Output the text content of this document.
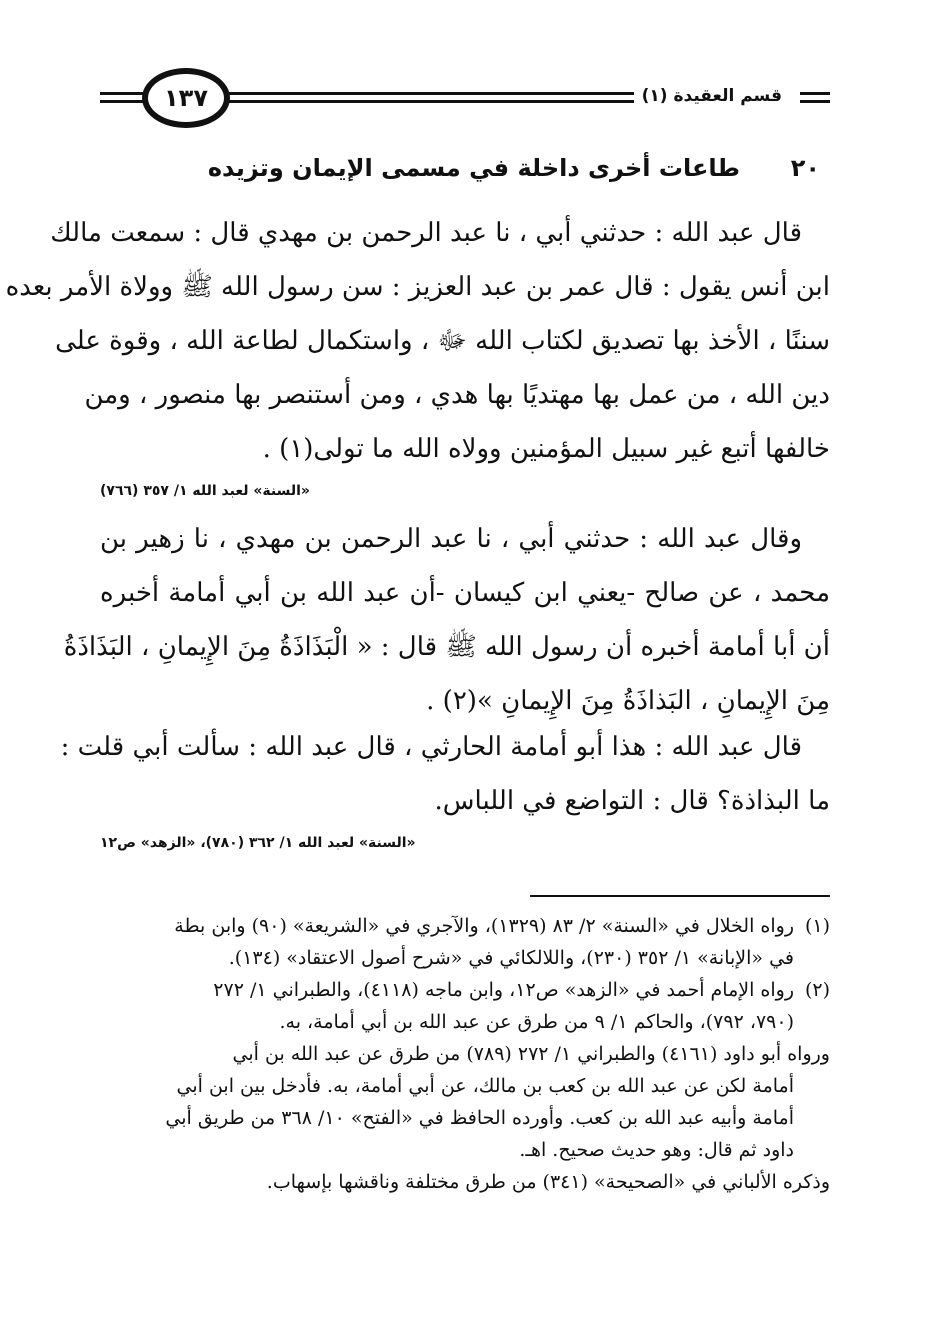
١٣٧	قسم العقيدة (١)
٢٠
طاعات أخرى داخلة في مسمى الإيمان وتزيده
قال عبد الله : حدثني أبي ، نا عبد الرحمن بن مهدي قال : سمعت مالك
ابن أنس يقول : قال عمر بن عبد العزيز : سن رسول الله ﷺ وولاة الأمر بعده
سننًا ، الأخذ بها تصديق لكتاب الله ﷻ ، واستكمال لطاعة الله ، وقوة على
دين الله ، من عمل بها مهتديًا بها هدي ، ومن أستنصر بها منصور ، ومن
خالفها أتبع غير سبيل المؤمنين وولاه الله ما تولى(١) .
«السنة» لعبد الله ١/ ٣٥٧ (٧٦٦)
وقال عبد الله : حدثني أبي ، نا عبد الرحمن بن مهدي ، نا زهير بن
محمد ، عن صالح -يعني ابن كيسان -أن عبد الله بن أبي أمامة أخبره
أن أبا أمامة أخبره أن رسول الله ﷺ قال : « الْبَذَاذَةُ مِنَ الإِيمانِ ، البَذَاذَةُ
مِنَ الإِيمانِ ، البَذاذَةُ مِنَ الإِيمانِ »(٢) .
قال عبد الله : هذا أبو أمامة الحارثي ، قال عبد الله : سألت أبي قلت :
ما البذاذة؟ قال : التواضع في اللباس.
«السنة» لعبد الله ١/ ٣٦٢ (٧٨٠)، «الزهد» ص١٢
(١)رواه الخلال في «السنة» ٢/ ٨٣ (١٣٢٩)، والآجري في «الشريعة» (٩٠) وابن بطة
في «الإبانة» ١/ ٣٥٢ (٢٣٠)، واللالكائي في «شرح أصول الاعتقاد» (١٣٤).
(٢)رواه الإمام أحمد في «الزهد» ص١٢، وابن ماجه (٤١١٨)، والطبراني ١/ ٢٧٢
(٧٩٠، ٧٩٢)، والحاكم ١/ ٩ من طرق عن عبد الله بن أبي أمامة، به.
ورواه أبو داود (٤١٦١) والطبراني ١/ ٢٧٢ (٧٨٩) من طرق عن عبد الله بن أبي
أمامة لكن عن عبد الله بن كعب بن مالك، عن أبي أمامة، به. فأدخل بين ابن أبي
أمامة وأبيه عبد الله بن كعب. وأورده الحافظ في «الفتح» ١٠/ ٣٦٨ من طريق أبي
داود ثم قال: وهو حديث صحيح. اهـ.
وذكره الألباني في «الصحيحة» (٣٤١) من طرق مختلفة وناقشها بإسهاب.
